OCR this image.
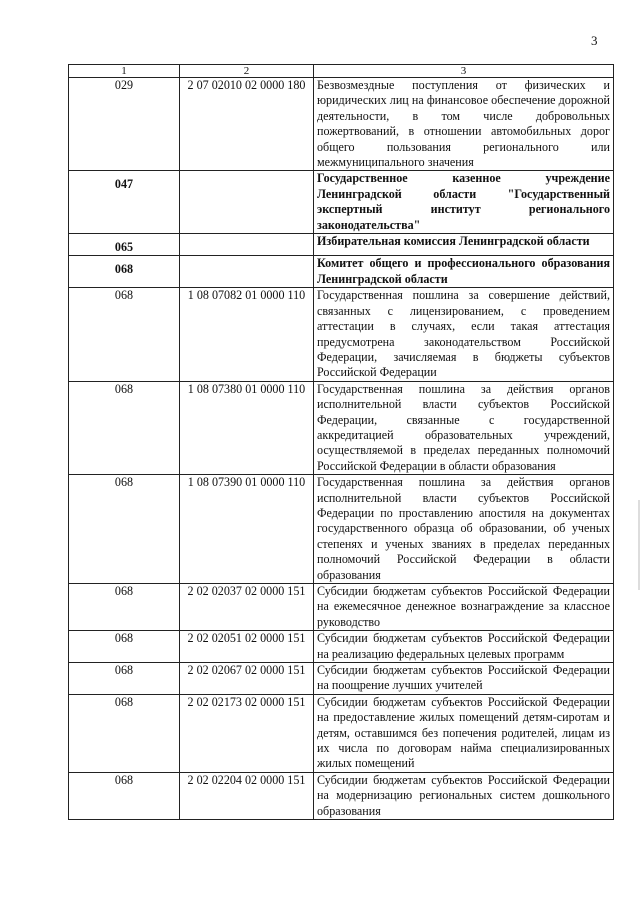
3
1	2	3
029	2 07 02010 02 0000 180	Безвозмездные поступления от физических и юридических лиц на финансовое обеспечение дорожной деятельности, в том числе добровольных пожертвований, в отношении автомобильных дорог общего пользования регионального или межмуниципального значения
047		Государственное казенное учреждение Ленинградской области "Государственный экспертный институт регионального законодательства"
065		Избирательная комиссия Ленинградской области
068		Комитет общего и профессионального образования Ленинградской области
068	1 08 07082 01 0000 110	Государственная пошлина за совершение действий, связанных с лицензированием, с проведением аттестации в случаях, если такая аттестация предусмотрена законодательством Российской Федерации, зачисляемая в бюджеты субъектов Российской Федерации
068	1 08 07380 01 0000 110	Государственная пошлина за действия органов исполнительной власти субъектов Российской Федерации, связанные с государственной аккредитацией образовательных учреждений, осуществляемой в пределах переданных полномочий Российской Федерации в области образования
068	1 08 07390 01 0000 110	Государственная пошлина за действия органов исполнительной власти субъектов Российской Федерации по проставлению апостиля на документах государственного образца об образовании, об ученых степенях и ученых званиях в пределах переданных полномочий Российской Федерации в области образования
068	2 02 02037 02 0000 151	Субсидии бюджетам субъектов Российской Федерации на ежемесячное денежное вознаграждение за классное руководство
068	2 02 02051 02 0000 151	Субсидии бюджетам субъектов Российской Федерации на реализацию федеральных целевых программ
068	2 02 02067 02 0000 151	Субсидии бюджетам субъектов Российской Федерации на поощрение лучших учителей
068	2 02 02173 02 0000 151	Субсидии бюджетам субъектов Российской Федерации на предоставление жилых помещений детям-сиротам и детям, оставшимся без попечения родителей, лицам из их числа по договорам найма специализированных жилых помещений
068	2 02 02204 02 0000 151	Субсидии бюджетам субъектов Российской Федерации на модернизацию региональных систем дошкольного образования
